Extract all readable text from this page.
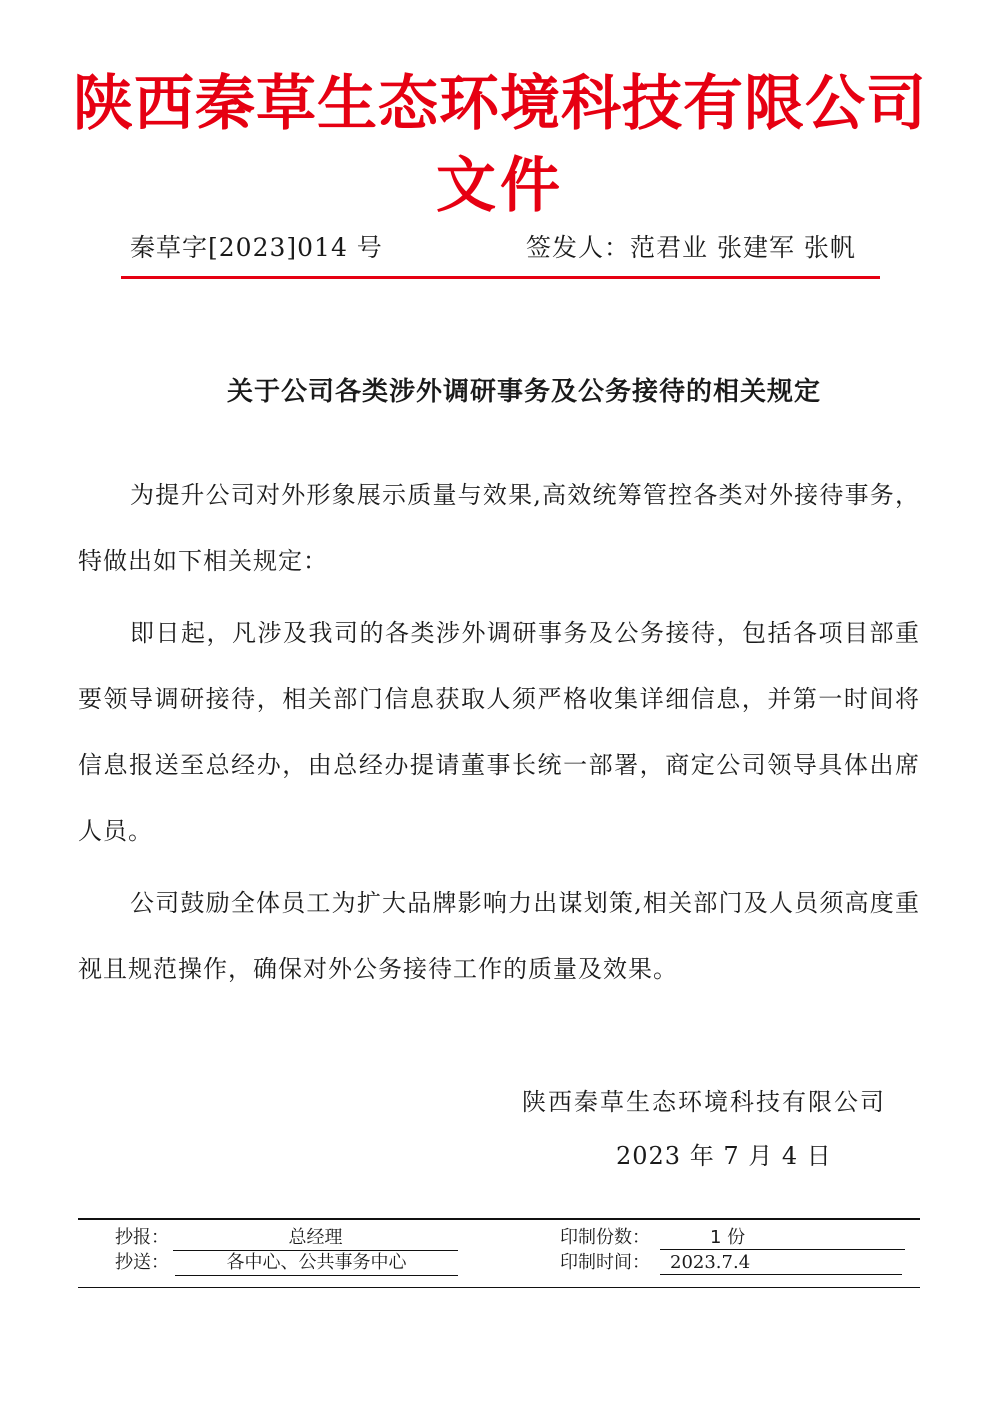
陕西秦草生态环境科技有限公司
文件
秦草字[2023]014 号	签发人：范君业 张建军 张帆
关于公司各类涉外调研事务及公务接待的相关规定

为提升公司对外形象展示质量与效果,高效统筹管控各类对外接待事务，特做出如下相关规定：

即日起，凡涉及我司的各类涉外调研事务及公务接待，包括各项目部重要领导调研接待，相关部门信息获取人须严格收集详细信息，并第一时间将信息报送至总经办，由总经办提请董事长统一部署，商定公司领导具体出席人员。

公司鼓励全体员工为扩大品牌影响力出谋划策,相关部门及人员须高度重视且规范操作，确保对外公务接待工作的质量及效果。

陕西秦草生态环境科技有限公司
2023 年 7 月 4 日
抄报：	总经理	印制份数：	1 份
抄送：	各中心、公共事务中心	印制时间：	2023.7.4
